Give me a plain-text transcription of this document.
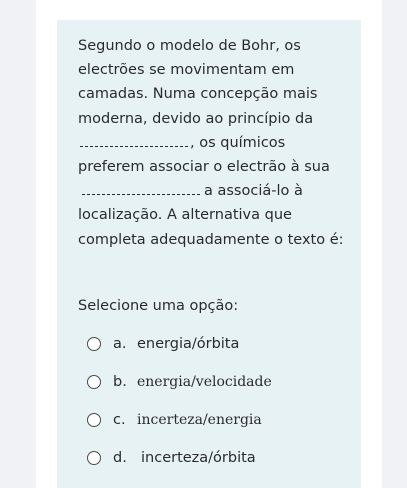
Segundo o modelo de Bohr, os electrões se movimentam em camadas. Numa concepção mais moderna, devido ao princípio da, os químicos preferem associar o electrão à suaa associá-lo à localização. A alternativa que completa adequadamente o texto é:

Selecione uma opção:

a. energia/órbita
b. energia/velocidade
c. incerteza/energia
d. incerteza/órbita
